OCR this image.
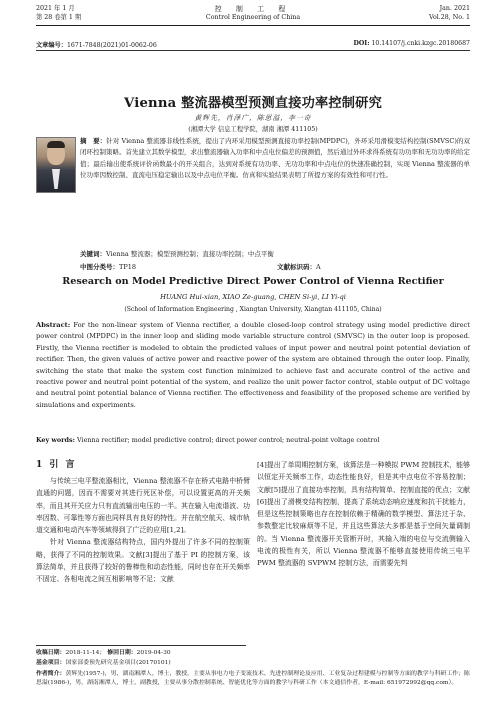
2021 年 1 月
第 28 卷第 1 期
控 制 工 程
Control Engineering of China
Jan. 2021
Vol.28, No. 1
文章编号：1671-7848(2021)01-0062-06	DOI: 10.14107/j.cnki.kzgc.20180687
Vienna 整流器模型预测直接功率控制研究
黄辉先，肖泽广，陈思溢，李一奇
(湘潭大学 信息工程学院，湖南 湘潭 411105)
摘　要：针对 Vienna 整流器非线性系统，提出了内环采用模型预测直接功率控制(MPDPC)，外环采用滑模变结构控制(SMVSC)的双闭环控制策略。首先建立其数学模型，求出整流器输入功率和中点电位偏差的预测值，然后通过外环求得系统有功功率和无功功率的给定值；最后输出使系统评价函数最小的开关组合，达到对系统有功功率、无功功率和中点电位的快速准确控制，实现 Vienna 整流器的单位功率因数控制、直流电压稳定输出以及中点电位平衡。仿真和实验结果表明了所提方案的有效性和可行性。
关键词：Vienna 整流器；模型预测控制；直接功率控制；中点平衡
中图分类号：TP18	文献标识码：A
Research on Model Predictive Direct Power Control of Vienna Rectifier
HUANG Hui-xian, XIAO Ze-guang, CHEN Si-yi, LI Yi-qi
(School of Information Engineering , Xiangtan University, Xiangtan 411105, China)
Abstract: For the non-linear system of Vienna rectifier, a double closed-loop control strategy using model predictive direct power control (MPDPC) in the inner loop and sliding mode variable structure control (SMVSC) in the outer loop is proposed. Firstly, the Vienna rectifier is modeled to obtain the predicted values of input power and neutral point potential deviation of rectifier. Then, the given values of active power and reactive power of the system are obtained through the outer loop. Finally, switching the state that make the system cost function minimized to achieve fast and accurate control of the active and reactive power and neutral point potential of the system, and realize the unit power factor control, stable output of DC voltage and neutral point potential balance of Vienna rectifier. The effectiveness and feasibility of the proposed scheme are verified by simulations and experiments.
Key words: Vienna rectifier; model predictive control; direct power control; neutral-point voltage control
1 引 言

与传统三电平整流器相比，Vienna 整流器不存在桥式电路中桥臂直通的问题，因而不需要对其进行死区补偿，可以设置更高的开关频率，而且其开关应力只有直流输出电压的一半。其在输入电流谐波、功率因数、可靠性等方面也同样具有良好的特性。并在航空航天、城市轨道交通和电动汽车等领域得到了广泛的应用[1,2]。

针对 Vienna 整流器结构特点，国内外提出了许多不同的控制策略，获得了不同的控制效果。文献[3]提出了基于 PI 的控制方案，该算法简单，并且获得了较好的鲁棒性和动态性能，同时也存在开关频率不固定、各相电流之间互相影响等不足；文献

[4]提出了单周期控制方案，该算法是一种模拟 PWM 控制技术，能够以恒定开关频率工作，动态性能良好，但是其中点电位不容易控制；文献[5]提出了直接功率控制，具有结构简单、控制直接的优点；文献[6]提出了滑模变结构控制，提高了系统动态响应速度和抗干扰能力，但是这些控制策略也存在控制依赖于精确的数学模型、算法过于杂、参数整定比较麻烦等不足，并且这些算法大多都是基于空间矢量调制的。当 Vienna 整流器开关管断开时，其输入端的电位与交流侧输入电流的极性有关，所以 Vienna 整流器不能够直接使用传统三电平 PWM 整流器的 SVPWM 控制方法，而需要先判

收稿日期：2018-11-14； 修回日期：2019-04-30
基金项目：国家部委预先研究基金项目(20170101)
作者简介：黄辉先(1957-)，男，湖南湘潭人，博士，教授，主要从事电力电子变流技术、先进控制理论及应用、工业复杂过程建模与控制等方面的教学与科研工作；陈思溢(1986-)，男，湖南湘潭人，博士，副教授，主要从事分散控制系统、智能优化等方面的教学与科研工作（本文通信作者，E-mail: 651972992@qq.com）。
